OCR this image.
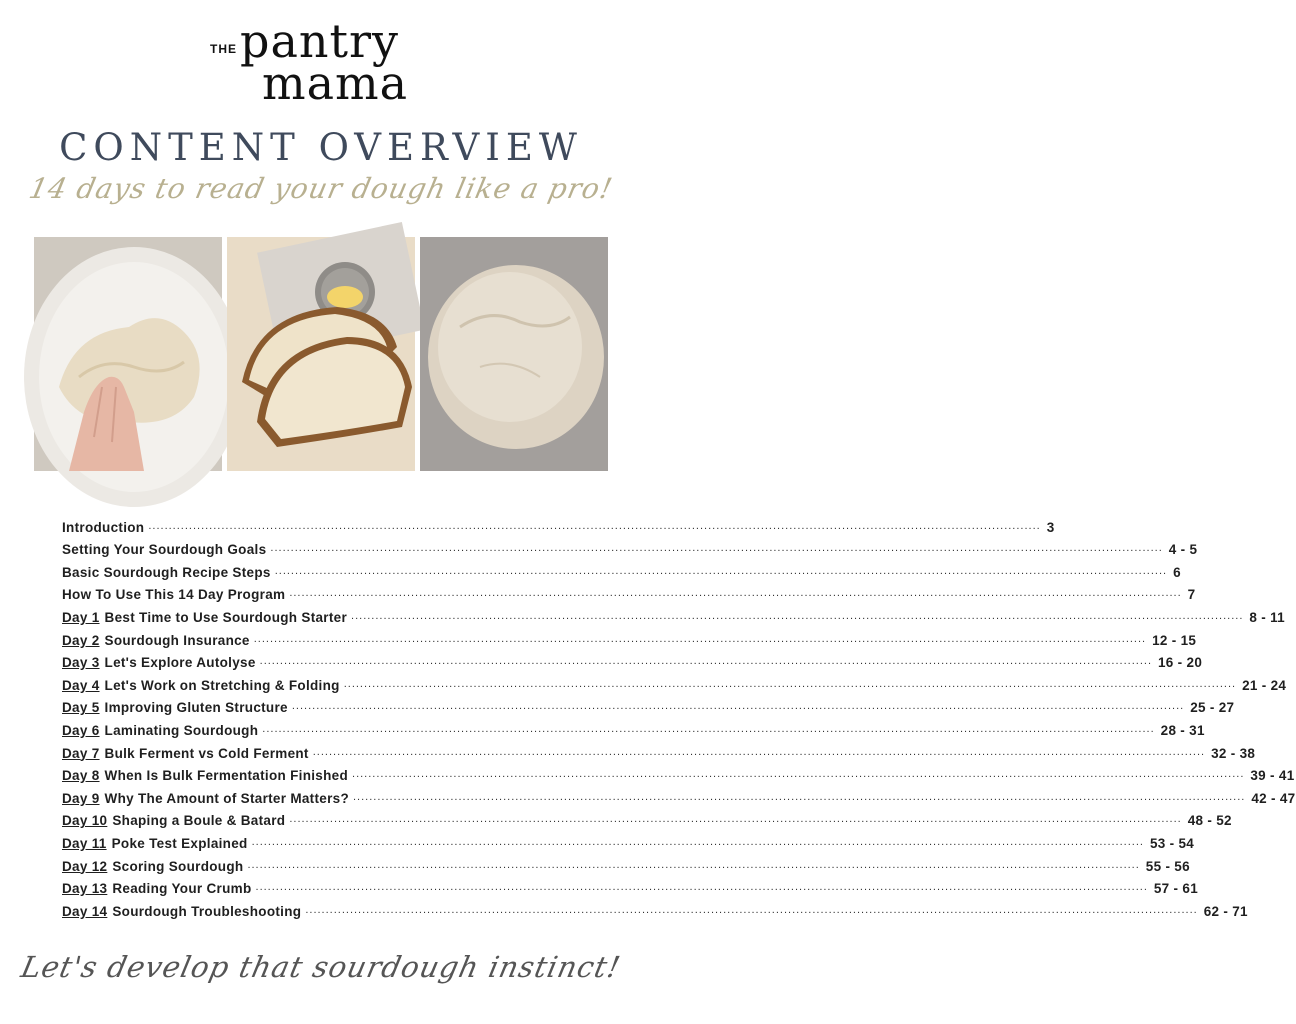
THE pantry
mama
CONTENT OVERVIEW
14 days to read your dough like a pro!
Introduction ............................................................................................................................................................................................................................ 3
Setting Your Sourdough Goals ............................................................................................................................................................................................................................ 4 - 5
Basic Sourdough Recipe Steps ............................................................................................................................................................................................................................ 6
How To Use This 14 Day Program ............................................................................................................................................................................................................................ 7
Day 1 Best Time to Use Sourdough Starter ............................................................................................................................................................................................................................ 8 - 11
Day 2 Sourdough Insurance ............................................................................................................................................................................................................................ 12 - 15
Day 3 Let's Explore Autolyse ............................................................................................................................................................................................................................ 16 - 20
Day 4 Let's Work on Stretching & Folding ............................................................................................................................................................................................................................ 21 - 24
Day 5 Improving Gluten Structure ............................................................................................................................................................................................................................ 25 - 27
Day 6 Laminating Sourdough ............................................................................................................................................................................................................................ 28 - 31
Day 7 Bulk Ferment vs Cold Ferment ............................................................................................................................................................................................................................ 32 - 38
Day 8 When Is Bulk Fermentation Finished ............................................................................................................................................................................................................................ 39 - 41
Day 9 Why The Amount of Starter Matters? ............................................................................................................................................................................................................................ 42 - 47
Day 10 Shaping a Boule & Batard ............................................................................................................................................................................................................................ 48 - 52
Day 11 Poke Test Explained ............................................................................................................................................................................................................................ 53 - 54
Day 12 Scoring Sourdough ............................................................................................................................................................................................................................ 55 - 56
Day 13 Reading Your Crumb ............................................................................................................................................................................................................................ 57 - 61
Day 14 Sourdough Troubleshooting ............................................................................................................................................................................................................................ 62 - 71
Let's develop that sourdough instinct!
